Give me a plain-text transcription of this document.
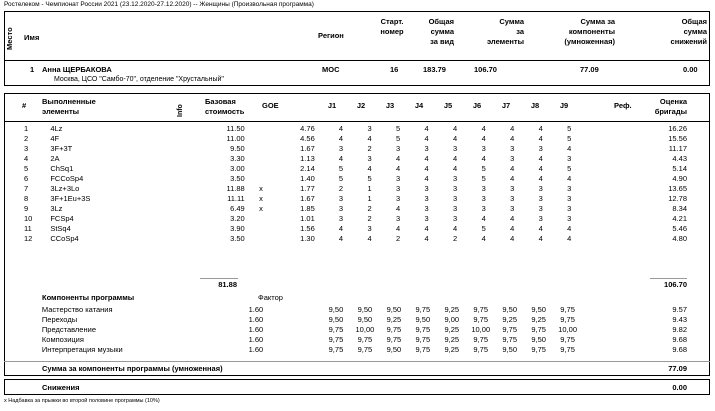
Ростелеком - Чемпионат России 2021 (23.12.2020-27.12.2020) -- Женщины (Произвольная программа)
Место Имя	Регион
Старт.
номер
Общая
сумма
за вид
Сумма
за
элементы
Сумма за
компоненты
(умноженная)
Общая
сумма
снижений
1 Анна ЩЕРБАКОВА
Москва, ЦСО "Самбо-70", отделение "Хрустальный"
МОС	16	183.79	106.70	77.09	0.00
# Выполненные
элементы	Info
Базовая
стоимость
GOE	J1	J2	J3	J4	J5	J6	J7	J8	J9	Реф.	Оценка
бригады
1	4Lz		11.50		4.76	4	3	5	4	4	4	4	4	5		16.26
2	4F		11.00		4.56	4	4	5	4	4	4	4	4	5		15.56
3	3F+3T		9.50		1.67	3	2	3	3	3	3	3	3	4		11.17
4	2A		3.30		1.13	4	3	4	4	4	4	3	4	3		4.43
5	ChSq1		3.00		2.14	5	4	4	4	4	5	4	4	5		5.14
6	FCCoSp4		3.50		1.40	5	5	3	4	3	5	4	4	4		4.90
7	3Lz+3Lo		11.88	x	1.77	2	1	3	3	3	3	3	3	3		13.65
8	3F+1Eu+3S		11.11	x	1.67	3	1	3	3	3	3	3	3	3		12.78
9	3Lz		6.49	x	1.85	3	2	4	3	3	3	3	3	3		8.34
10	FCSp4		3.20		1.01	3	2	3	3	3	4	4	3	3		4.21
11	StSq4		3.90		1.56	4	3	4	4	4	5	4	4	4		5.46
12	CCoSp4		3.50		1.30	4	4	2	4	2	4	4	4	4		4.80
81.88	106.70
Компоненты программы	Фактор
	Мастерство катания	1.60		9,50	9,50	9,50	9,75	9,25	9,75	9,50	9,50	9,75		9.57
	Переходы	1.60		9,50	9,50	9,25	9,50	9,00	9,75	9,25	9,25	9,75		9.43
	Представление	1.60		9,75	10,00	9,75	9,75	9,25	10,00	9,75	9,75	10,00		9.82
	Композиция	1.60		9,75	9,75	9,75	9,75	9,25	9,75	9,75	9,50	9,75		9.68
	Интерпретация музыки	1.60		9,75	9,75	9,50	9,75	9,25	9,75	9,50	9,75	9,75		9.68
Сумма за компоненты программы (умноженная)	77.09
Снижения	0.00
x Надбавка за прыжки во второй половине программы (10%)
